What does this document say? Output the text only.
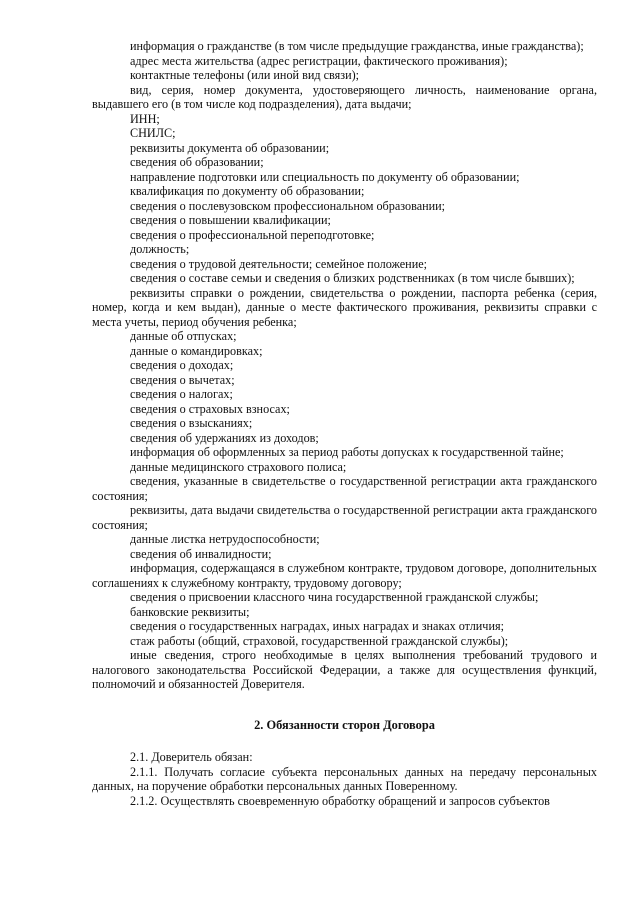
информация о гражданстве (в том числе предыдущие гражданства, иные гражданства);

адрес места жительства (адрес регистрации, фактического проживания);

контактные телефоны (или иной вид связи);

вид, серия, номер документа, удостоверяющего личность, наименование органа, выдавшего его (в том числе код подразделения), дата выдачи;

ИНН;

СНИЛС;

реквизиты документа об образовании;

сведения об образовании;

направление подготовки или специальность по документу об образовании;

квалификация по документу об образовании;

сведения о послевузовском профессиональном образовании;

сведения о повышении квалификации;

сведения о профессиональной переподготовке;

должность;

сведения о трудовой деятельности; семейное положение;

сведения о составе семьи и сведения о близких родственниках (в том числе бывших);

реквизиты справки о рождении, свидетельства о рождении, паспорта ребенка (серия, номер, когда и кем выдан), данные о месте фактического проживания, реквизиты справки с места учеты, период обучения ребенка;

данные об отпусках;

данные о командировках;

сведения о доходах;

сведения о вычетах;

сведения о налогах;

сведения о страховых взносах;

сведения о взысканиях;

сведения об удержаниях из доходов;

информация об оформленных за период работы допусках к государственной тайне;

данные медицинского страхового полиса;

сведения, указанные в свидетельстве о государственной регистрации акта гражданского состояния;

реквизиты, дата выдачи свидетельства о государственной регистрации акта гражданского состояния;

данные листка нетрудоспособности;

сведения об инвалидности;

информация, содержащаяся в служебном контракте, трудовом договоре, дополнительных соглашениях к служебному контракту, трудовому договору;

сведения о присвоении классного чина государственной гражданской службы;

банковские реквизиты;

сведения о государственных наградах, иных наградах и знаках отличия;

стаж работы (общий, страховой, государственной гражданской службы);

иные сведения, строго необходимые в целях выполнения требований трудового и налогового законодательства Российской Федерации, а также для осуществления функций, полномочий и обязанностей Доверителя.

2. Обязанности сторон Договора

2.1. Доверитель обязан:

2.1.1. Получать согласие субъекта персональных данных на передачу персональных данных, на поручение обработки персональных данных Поверенному.

2.1.2. Осуществлять своевременную обработку обращений и запросов субъектов
